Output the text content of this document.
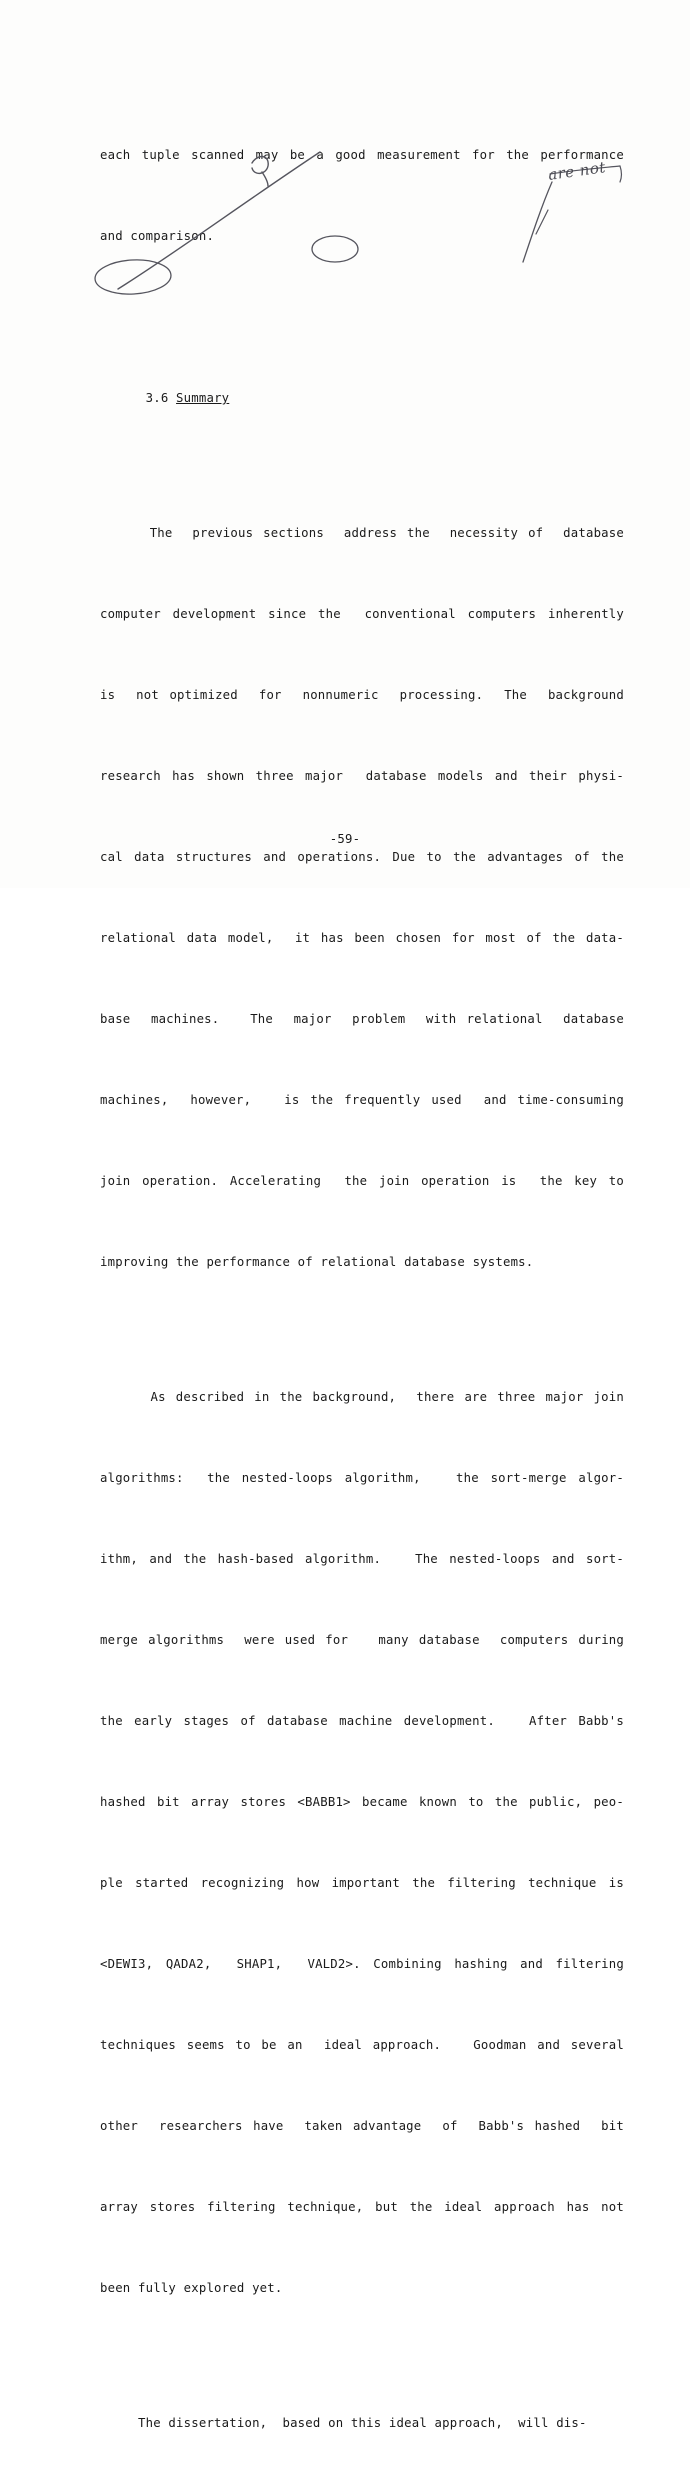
each tuple scanned may be a good measurement for the performance

and comparison.

3.6 Summary

The  previous sections  address the  necessity of  database

computer development since the  conventional computers inherently

is  not optimized  for  nonnumeric  processing.  The  background

research has shown three major  database models and their physi-

cal data structures and operations. Due to the advantages of the

relational data model,  it has been chosen for most of the data-

base  machines.   The  major  problem  with relational  database

machines,  however,   is the frequently used  and time-consuming

join operation. Accelerating  the join operation is  the key to

improving the performance of relational database systems.

As described in the background,  there are three major join

algorithms:  the nested-loops algorithm,   the sort-merge algor-

ithm, and the hash-based algorithm.   The nested-loops and sort-

merge algorithms  were used for   many database  computers during

the early stages of database machine development.   After Babb's

hashed bit array stores <BABB1> became known to the public, peo-

ple started recognizing how important the filtering technique is

<DEWI3, QADA2,  SHAP1,  VALD2>. Combining hashing and filtering

techniques seems to be an  ideal approach.   Goodman and several

other  researchers have  taken advantage  of  Babb's hashed  bit

array stores filtering technique, but the ideal approach has not

been fully explored yet.

The dissertation,  based on this ideal approach,  will dis-

are not
-59-
